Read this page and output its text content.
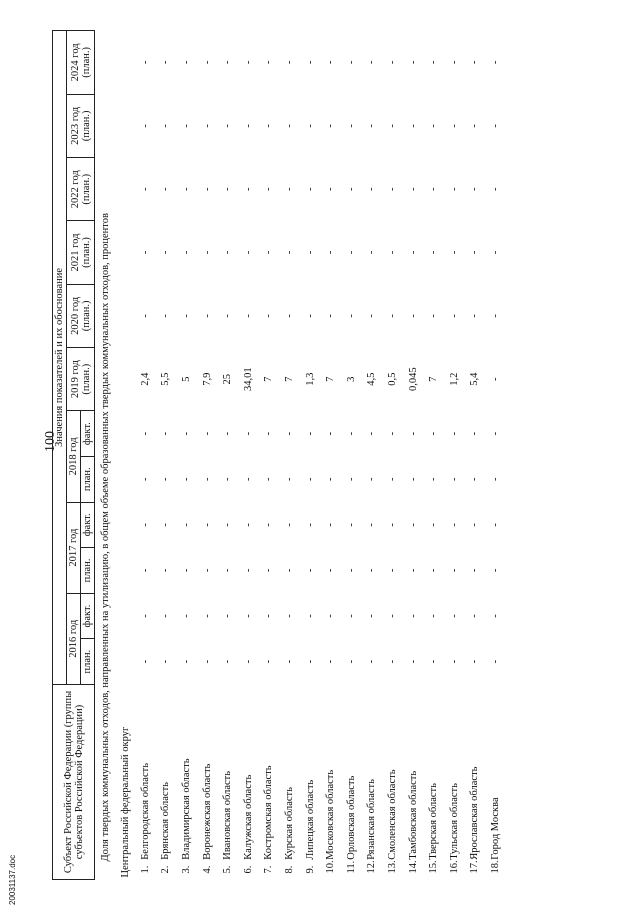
100
20031137.doc
Субъект Российской Федерации (группы субъектов Российской Федерации)		Значения показателей и их обоснование											
		2016 год		2017 год		2018 год		2019 год (план.)	2020 год (план.)	2021 год (план.)	2022 год (план.)	2023 год (план.)	2024 год (план.)
		план.	факт.	план.	факт.	план.	факт.						
Доля твердых коммунальных отходов, направленных на утилизацию, в общем объеме образованных твердых коммунальных отходов, процентов													
Центральный федеральный округ													
1.	Белгородская область	-	-	-	-	-	-	2,4	-	-	-	-	-
2.	Брянская область	-	-	-	-	-	-	5,5	-	-	-	-	-
3.	Владимирская область	-	-	-	-	-	-	5	-	-	-	-	-
4.	Воронежская область	-	-	-	-	-	-	7,9	-	-	-	-	-
5.	Ивановская область	-	-	-	-	-	-	25	-	-	-	-	-
6.	Калужская область	-	-	-	-	-	-	34,01	-	-	-	-	-
7.	Костромская область	-	-	-	-	-	-	7	-	-	-	-	-
8.	Курская область	-	-	-	-	-	-	7	-	-	-	-	-
9.	Липецкая область	-	-	-	-	-	-	1,3	-	-	-	-	-
10.	Московская область	-	-	-	-	-	-	7	-	-	-	-	-
11.	Орловская область	-	-	-	-	-	-	3	-	-	-	-	-
12.	Рязанская область	-	-	-	-	-	-	4,5	-	-	-	-	-
13.	Смоленская область	-	-	-	-	-	-	0,5	-	-	-	-	-
14.	Тамбовская область	-	-	-	-	-	-	0,045	-	-	-	-	-
15.	Тверская область	-	-	-	-	-	-	7	-	-	-	-	-
16.	Тульская область	-	-	-	-	-	-	1,2	-	-	-	-	-
17.	Ярославская область	-	-	-	-	-	-	5,4	-	-	-	-	-
18.	Город Москва	-	-	-	-	-	-	-	-	-	-	-	-
